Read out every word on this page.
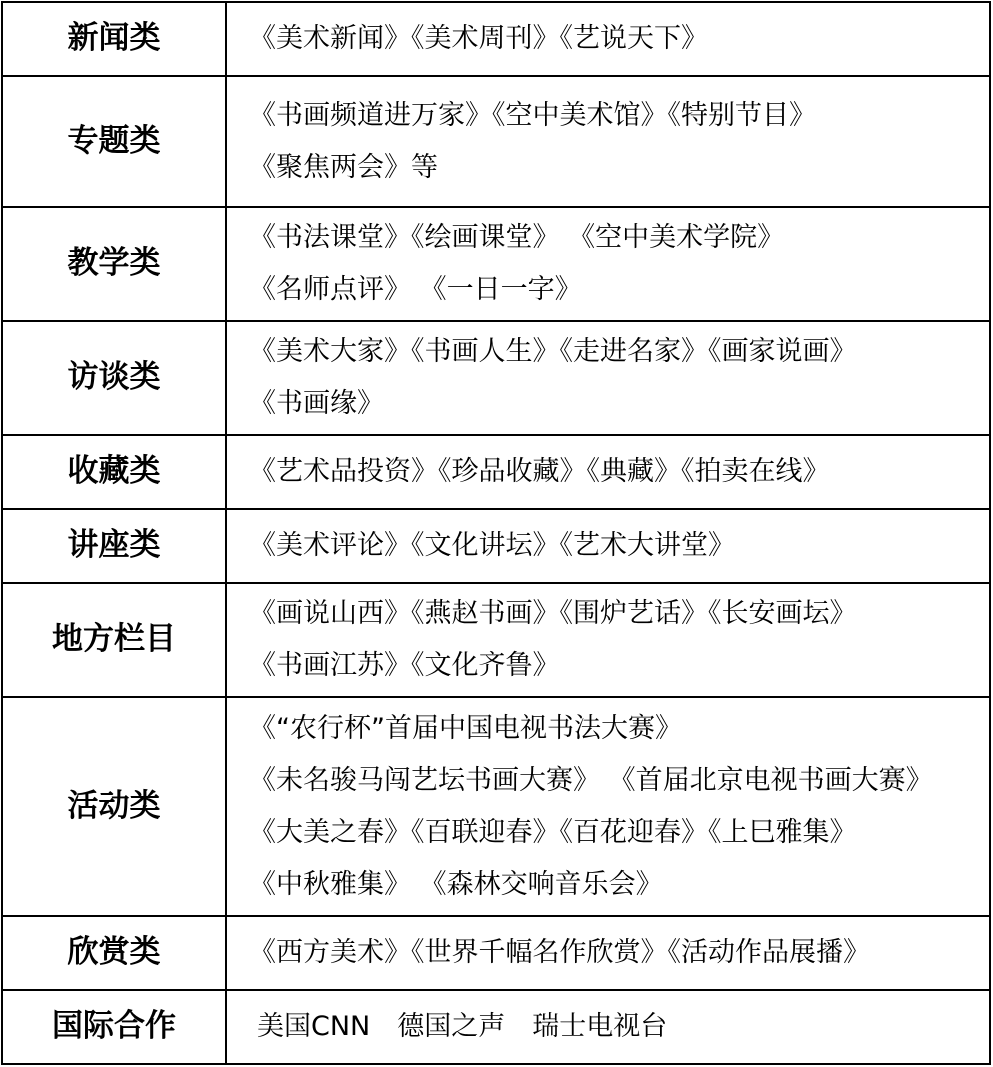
新闻类	《美术新闻》《美术周刊》《艺说天下》

专题类	《书画频道进万家》《空中美术馆》《特别节目》
《聚焦两会》等

教学类	《书法课堂》《绘画课堂》 《空中美术学院》
《名师点评》 《一日一字》

访谈类	《美术大家》《书画人生》《走进名家》《画家说画》
《书画缘》

收藏类	《艺术品投资》《珍品收藏》《典藏》《拍卖在线》

讲座类	《美术评论》《文化讲坛》《艺术大讲堂》

地方栏目	《画说山西》《燕赵书画》《围炉艺话》《长安画坛》
《书画江苏》《文化齐鲁》

活动类	《“农行杯”首届中国电视书法大赛》
《未名骏马闯艺坛书画大赛》 《首届北京电视书画大赛》
《大美之春》《百联迎春》《百花迎春》《上巳雅集》
《中秋雅集》 《森林交响音乐会》

欣赏类	《西方美术》《世界千幅名作欣赏》《活动作品展播》

国际合作	美国CNN　德国之声　瑞士电视台
